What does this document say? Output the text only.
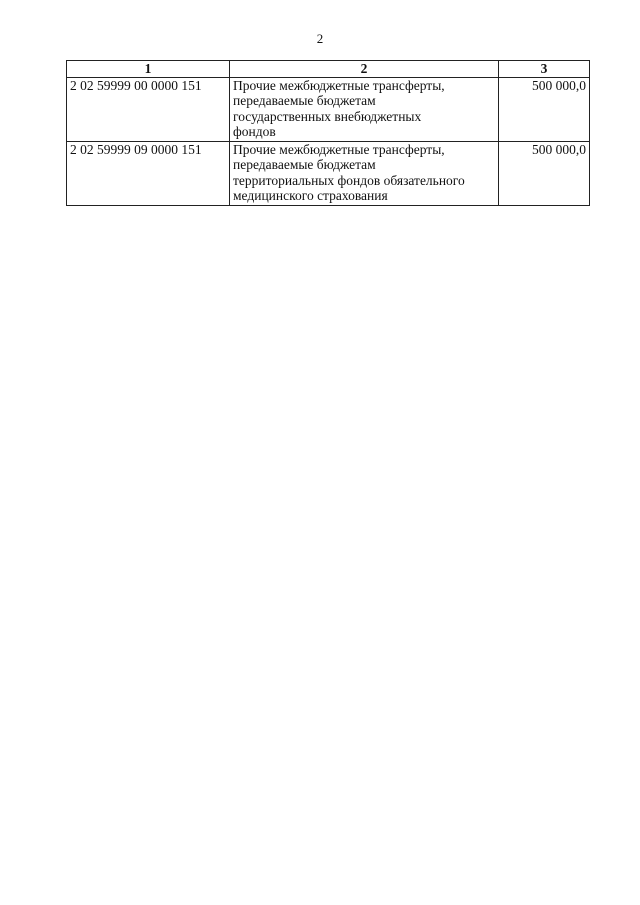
2
1	2	3
2 02 59999 00 0000 151	Прочие межбюджетные трансферты,
передаваемые бюджетам
государственных внебюджетных
фондов	500 000,0
2 02 59999 09 0000 151	Прочие межбюджетные трансферты,
передаваемые бюджетам
территориальных фондов обязательного
медицинского страхования	500 000,0
